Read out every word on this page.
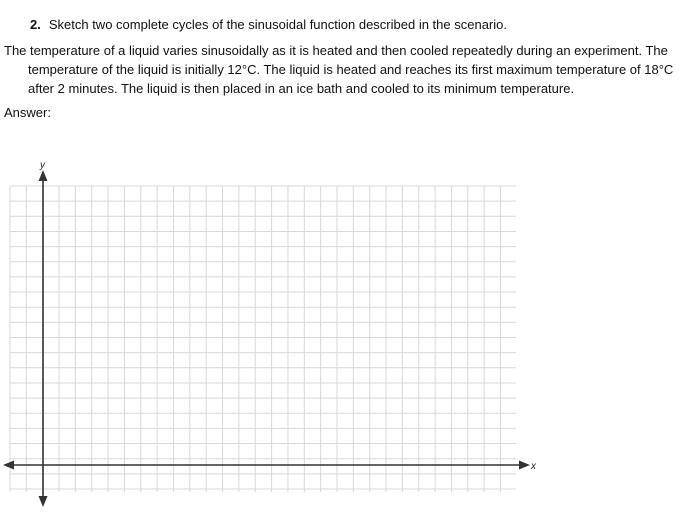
2. Sketch two complete cycles of the sinusoidal function described in the scenario.
The temperature of a liquid varies sinusoidally as it is heated and then cooled repeatedly during an experiment. The
temperature of the liquid is initially 12°C. The liquid is heated and reaches its first maximum temperature of 18°C
after 2 minutes. The liquid is then placed in an ice bath and cooled to its minimum temperature.
Answer:
y
x
